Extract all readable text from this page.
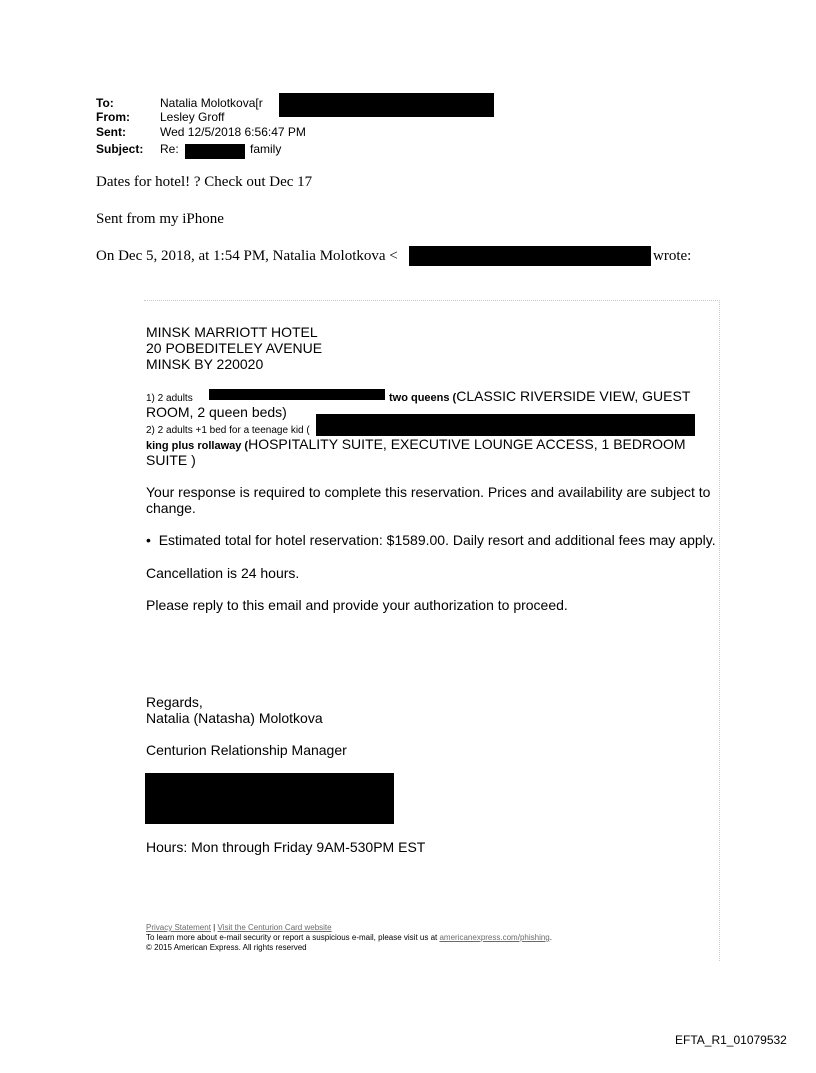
To:	Natalia Molotkova[r
From:	Lesley Groff
Sent:	Wed 12/5/2018 6:56:47 PM
Subject: Re:	family
Dates for hotel! ? Check out Dec 17
Sent from my iPhone
On Dec 5, 2018, at 1:54 PM, Natalia Molotkova <	wrote:
MINSK MARRIOTT HOTEL
20 POBEDITELEY AVENUE
MINSK BY 220020
1) 2 adults	two queens (CLASSIC RIVERSIDE VIEW, GUEST
ROOM, 2 queen beds)
2) 2 adults +1 bed for a teenage kid (
king plus rollaway (HOSPITALITY SUITE, EXECUTIVE LOUNGE ACCESS, 1 BEDROOM
SUITE )
Your response is required to complete this reservation. Prices and availability are subject to
change.
• Estimated total for hotel reservation: $1589.00. Daily resort and additional fees may apply.
Cancellation is 24 hours.
Please reply to this email and provide your authorization to proceed.
Regards,
Natalia (Natasha) Molotkova
Centurion Relationship Manager
Hours: Mon through Friday 9AM-530PM EST
Privacy Statement | Visit the Centurion Card website
To learn more about e-mail security or report a suspicious e-mail, please visit us at americanexpress.com/phishing.
© 2015 American Express. All rights reserved
EFTA_R1_01079532
